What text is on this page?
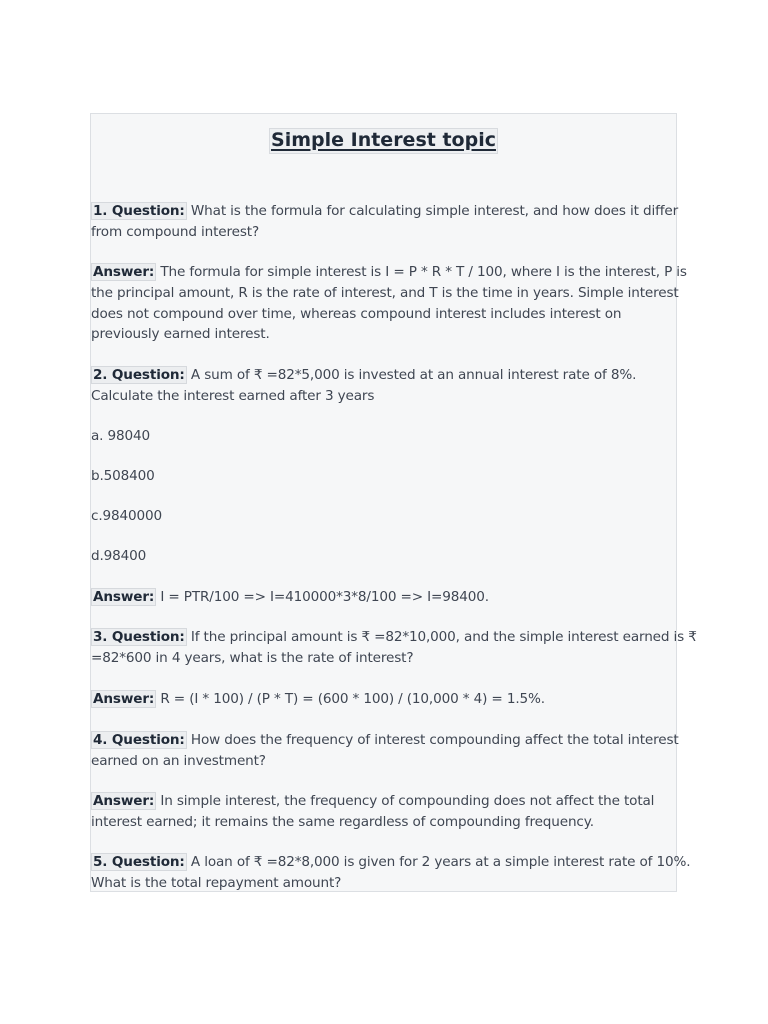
Simple Interest topic

1. Question: What is the formula for calculating simple interest, and how does it differ
from compound interest?

Answer: The formula for simple interest is I = P * R * T / 100, where I is the interest, P is
the principal amount, R is the rate of interest, and T is the time in years. Simple interest
does not compound over time, whereas compound interest includes interest on
previously earned interest.

2. Question: A sum of ₹ =82*5,000 is invested at an annual interest rate of 8%.
Calculate the interest earned after 3 years

a. 98040

b.508400

c.9840000

d.98400

Answer: I = PTR/100 => I=410000*3*8/100 => I=98400.

3. Question: If the principal amount is ₹ =82*10,000, and the simple interest earned is ₹
=82*600 in 4 years, what is the rate of interest?

Answer: R = (I * 100) / (P * T) = (600 * 100) / (10,000 * 4) = 1.5%.

4. Question: How does the frequency of interest compounding affect the total interest
earned on an investment?

Answer: In simple interest, the frequency of compounding does not affect the total
interest earned; it remains the same regardless of compounding frequency.

5. Question: A loan of ₹ =82*8,000 is given for 2 years at a simple interest rate of 10%.
What is the total repayment amount?
